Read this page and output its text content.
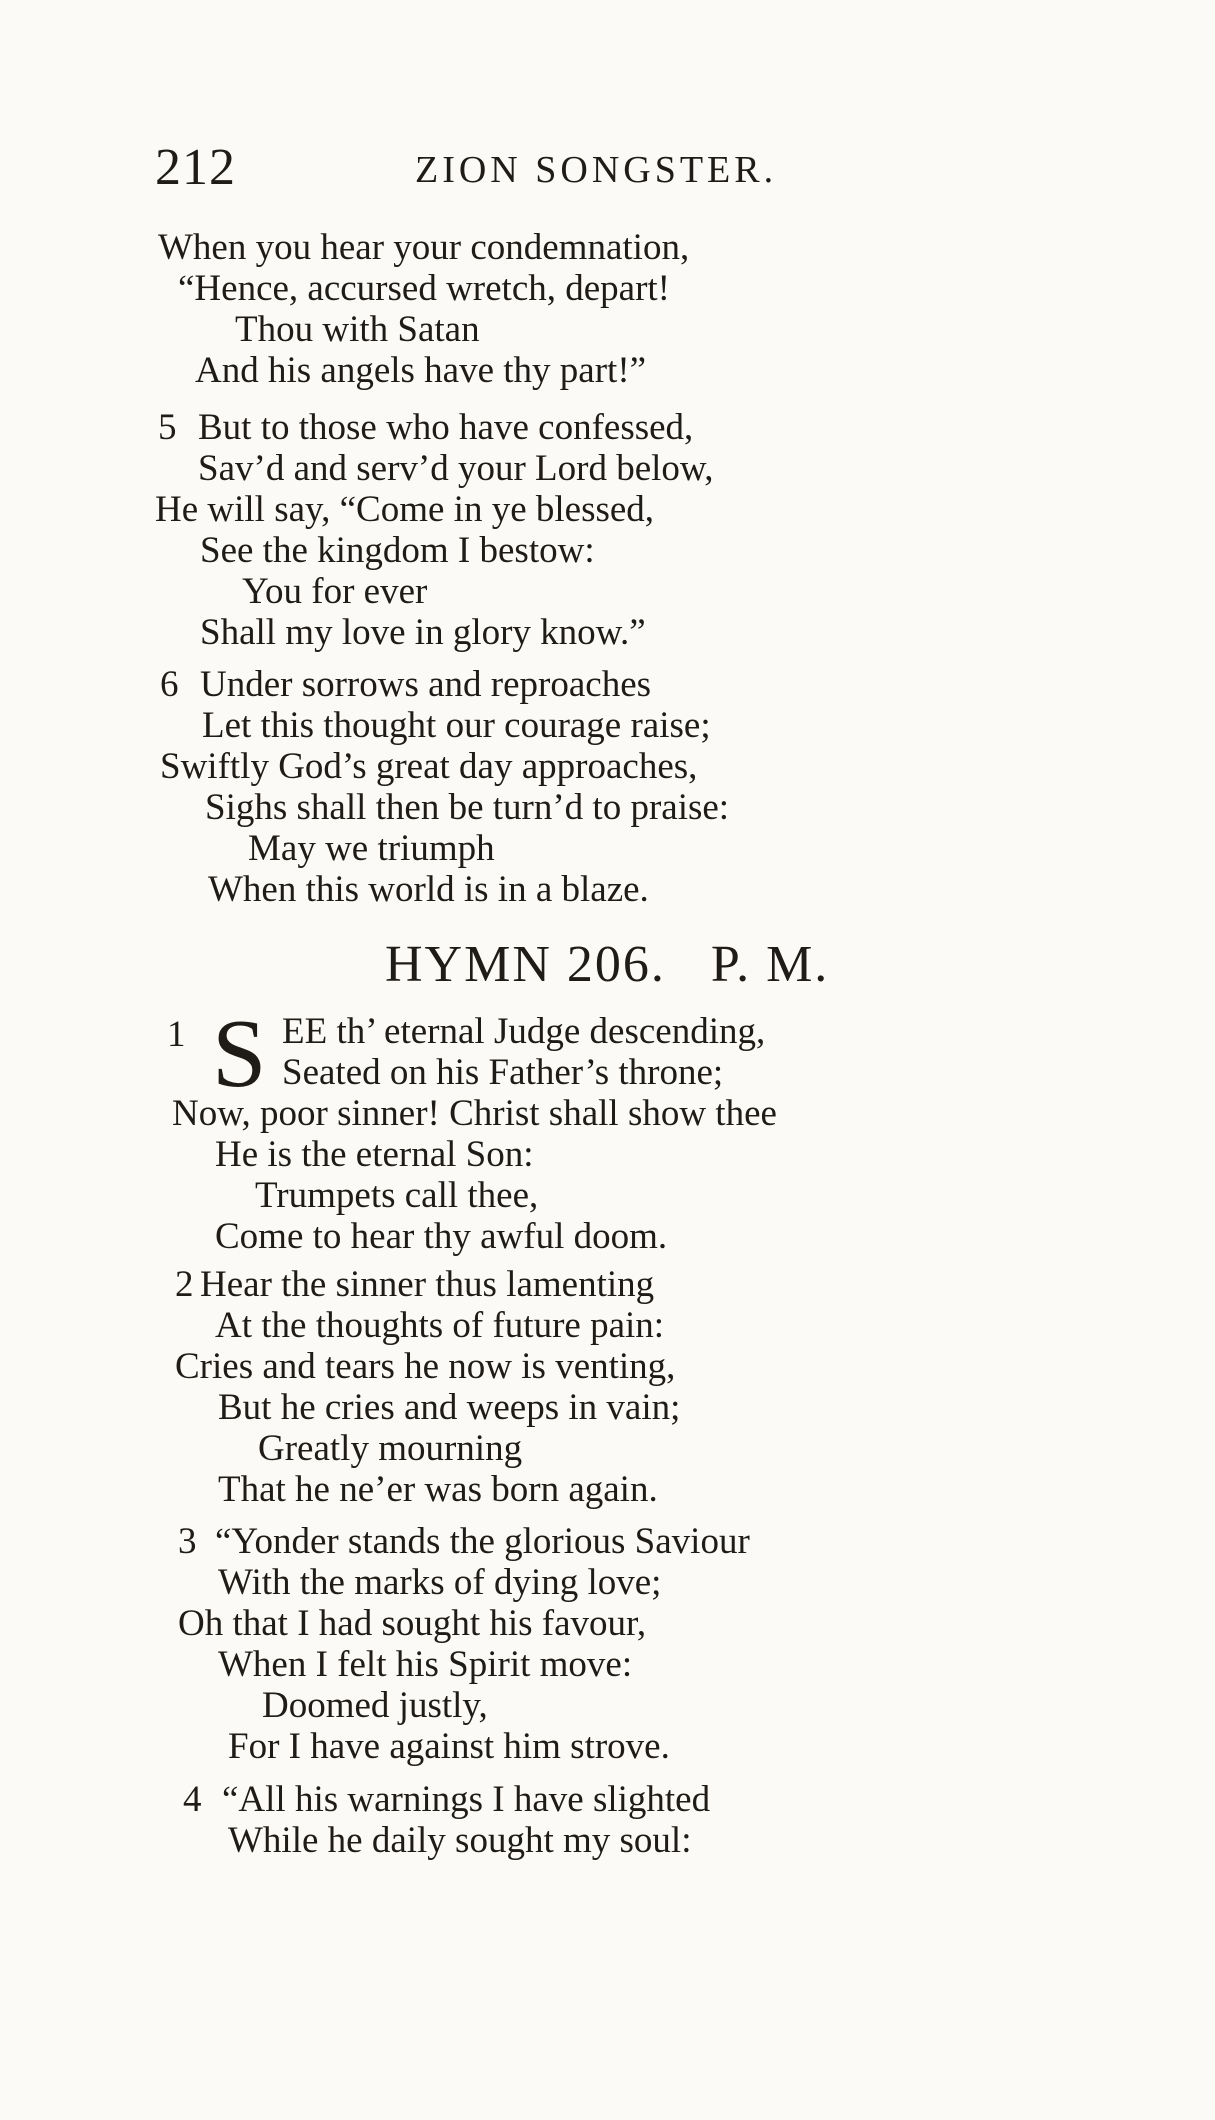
212	ZION SONGSTER.
When you hear your condemnation,
“Hence, accursed wretch, depart!
Thou with Satan
And his angels have thy part!”
5 But to those who have confessed,
Sav’d and serv’d your Lord below,
He will say, “Come in ye blessed,
See the kingdom I bestow:
You for ever
Shall my love in glory know.”
6 Under sorrows and reproaches
Let this thought our courage raise;
Swiftly God’s great day approaches,
Sighs shall then be turn’d to praise:
May we triumph
When this world is in a blaze.
HYMN 206. P. M.
1 S EE th’ eternal Judge descending,
Seated on his Father’s throne;
Now, poor sinner! Christ shall show thee
He is the eternal Son:
Trumpets call thee,
Come to hear thy awful doom.
2 Hear the sinner thus lamenting
At the thoughts of future pain:
Cries and tears he now is venting,
But he cries and weeps in vain;
Greatly mourning
That he ne’er was born again.
3 “Yonder stands the glorious Saviour
With the marks of dying love;
Oh that I had sought his favour,
When I felt his Spirit move:
Doomed justly,
For I have against him strove.
4 “All his warnings I have slighted
While he daily sought my soul:
